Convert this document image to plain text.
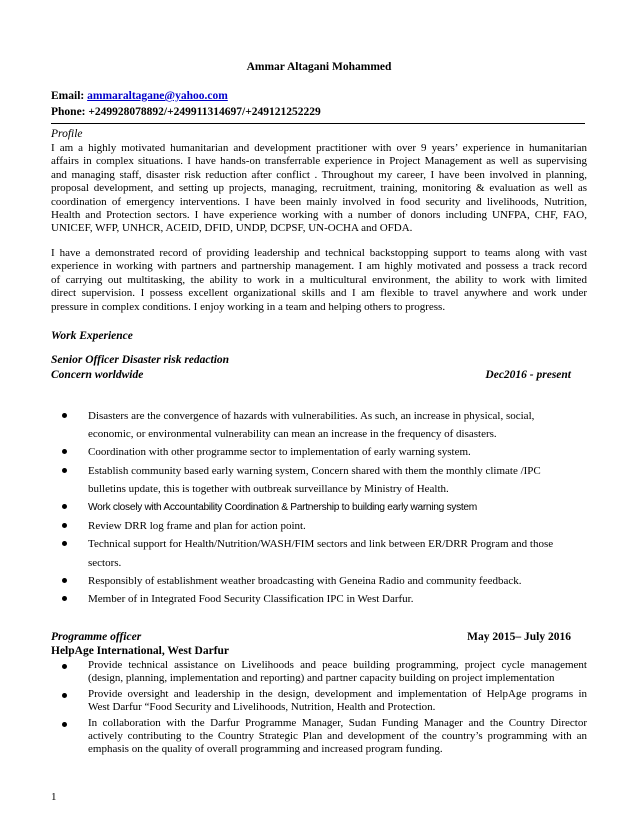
Ammar Altagani Mohammed
Email: ammaraltagane@yahoo.com
Phone: +249928078892/+249911314697/+249121252229
Profile
I am a highly motivated humanitarian and development practitioner with over 9 years’ experience in humanitarian
affairs in complex situations. I have hands-on transferrable experience in Project Management as well as supervising
and managing staff, disaster risk reduction after conflict . Throughout my career, I have been involved in planning,
proposal development, and setting up projects, managing, recruitment, training, monitoring & evaluation as well as
coordination of emergency interventions. I have been mainly involved in food security and livelihoods, Nutrition,
Health and Protection sectors. I have experience working with a number of donors including UNFPA, CHF, FAO,
UNICEF, WFP, UNHCR, ACEID, DFID, UNDP, DCPSF, UN-OCHA and OFDA.
I have a demonstrated record of providing leadership and technical backstopping support to teams along with vast
experience in working with partners and partnership management. I am highly motivated and possess a track record
of carrying out multitasking, the ability to work in a multicultural environment, the ability to work with limited
direct supervision. I possess excellent organizational skills and I am flexible to travel anywhere and work under
pressure in complex conditions. I enjoy working in a team and helping others to progress.
Work Experience
Senior Officer Disaster risk redaction
Concern worldwide	Dec2016 - present
Disasters are the convergence of hazards with vulnerabilities. As such, an increase in physical, social,
economic, or environmental vulnerability can mean an increase in the frequency of disasters.
Coordination with other programme sector to implementation of early warning system.
Establish community based early warning system, Concern shared with them the monthly climate /IPC
bulletins update, this is together with outbreak surveillance by Ministry of Health.
Work closely with Accountability Coordination & Partnership to building early warning system
Review DRR log frame and plan for action point.
Technical support for Health/Nutrition/WASH/FIM sectors and link between ER/DRR Program and those
sectors.
Responsibly of establishment weather broadcasting with Geneina Radio and community feedback.
Member of in Integrated Food Security Classification IPC in West Darfur.
Programme officer	May 2015– July 2016
HelpAge International, West Darfur
Provide technical assistance on Livelihoods and peace building programming, project cycle management
(design, planning, implementation and reporting) and partner capacity building on project implementation
Provide oversight and leadership in the design, development and implementation of HelpAge programs in
West Darfur “Food Security and Livelihoods, Nutrition, Health and Protection.
In collaboration with the Darfur Programme Manager, Sudan Funding Manager and the Country Director
actively contributing to the Country Strategic Plan and development of the country’s programming with an
emphasis on the quality of overall programming and increased program funding.
1
